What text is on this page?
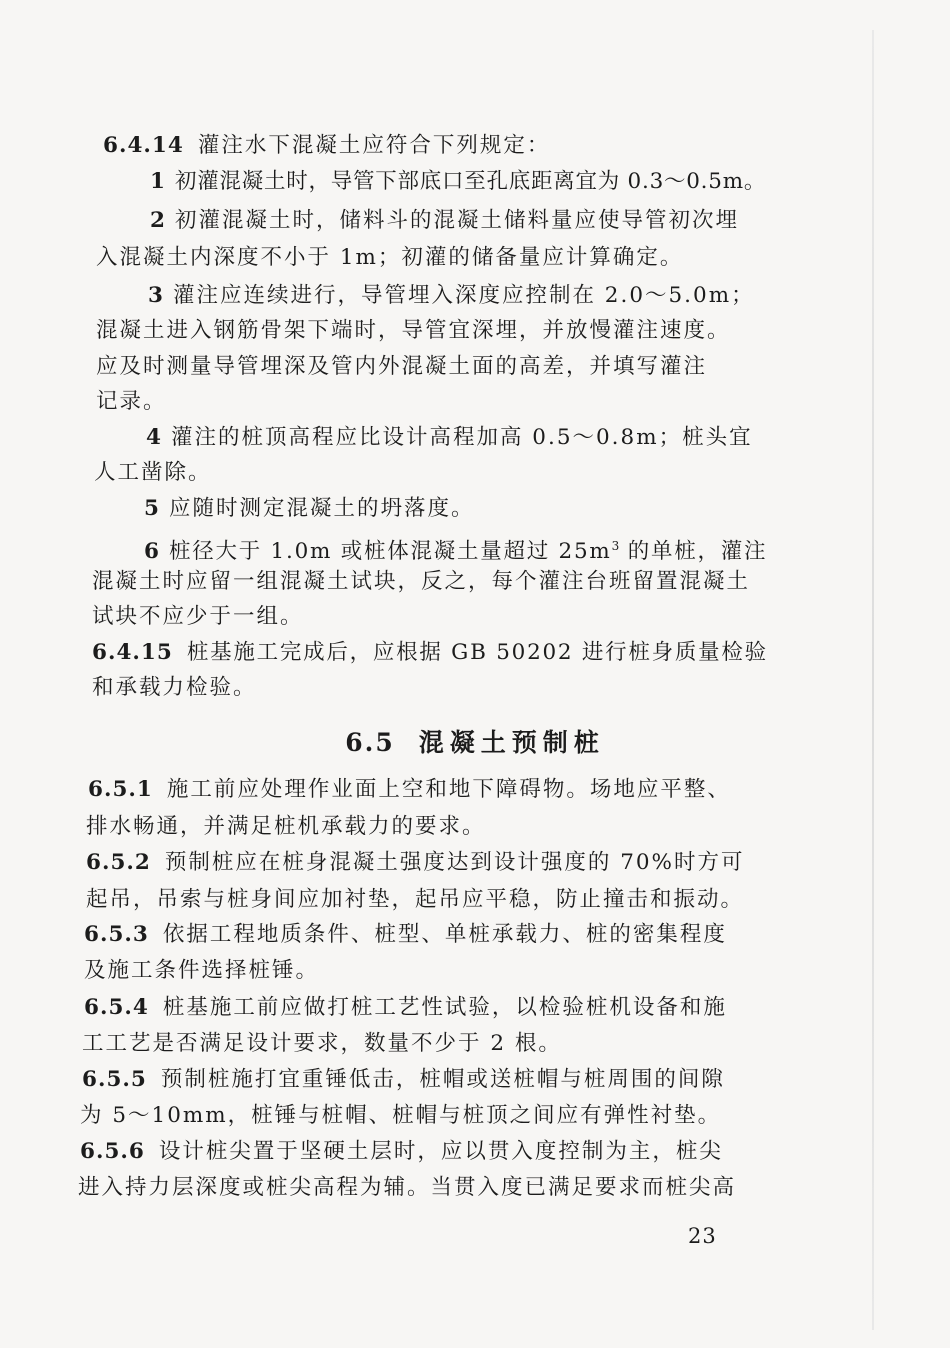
6.4.14 灌注水下混凝土应符合下列规定：
1 初灌混凝土时，导管下部底口至孔底距离宜为 0.3～0.5m。
2 初灌混凝土时，储料斗的混凝土储料量应使导管初次埋
入混凝土内深度不小于 1m；初灌的储备量应计算确定。
3 灌注应连续进行，导管埋入深度应控制在 2.0～5.0m；
混凝土进入钢筋骨架下端时，导管宜深埋，并放慢灌注速度。
应及时测量导管埋深及管内外混凝土面的高差，并填写灌注
记录。
4 灌注的桩顶高程应比设计高程加高 0.5～0.8m；桩头宜
人工凿除。
5 应随时测定混凝土的坍落度。
6 桩径大于 1.0m 或桩体混凝土量超过 $25m^3$ 的单桩，灌注
混凝土时应留一组混凝土试块，反之，每个灌注台班留置混凝土
试块不应少于一组。
6.4.15 桩基施工完成后，应根据 GB 50202 进行桩身质量检验
和承载力检验。
6.5 混凝土预制桩
6.5.1 施工前应处理作业面上空和地下障碍物。场地应平整、
排水畅通，并满足桩机承载力的要求。
6.5.2 预制桩应在桩身混凝土强度达到设计强度的 70%时方可
起吊，吊索与桩身间应加衬垫，起吊应平稳，防止撞击和振动。
6.5.3 依据工程地质条件、桩型、单桩承载力、桩的密集程度
及施工条件选择桩锤。
6.5.4 桩基施工前应做打桩工艺性试验，以检验桩机设备和施
工工艺是否满足设计要求，数量不少于 2 根。
6.5.5 预制桩施打宜重锤低击，桩帽或送桩帽与桩周围的间隙
为 5～10mm，桩锤与桩帽、桩帽与桩顶之间应有弹性衬垫。
6.5.6 设计桩尖置于坚硬土层时，应以贯入度控制为主，桩尖
进入持力层深度或桩尖高程为辅。当贯入度已满足要求而桩尖高
23
